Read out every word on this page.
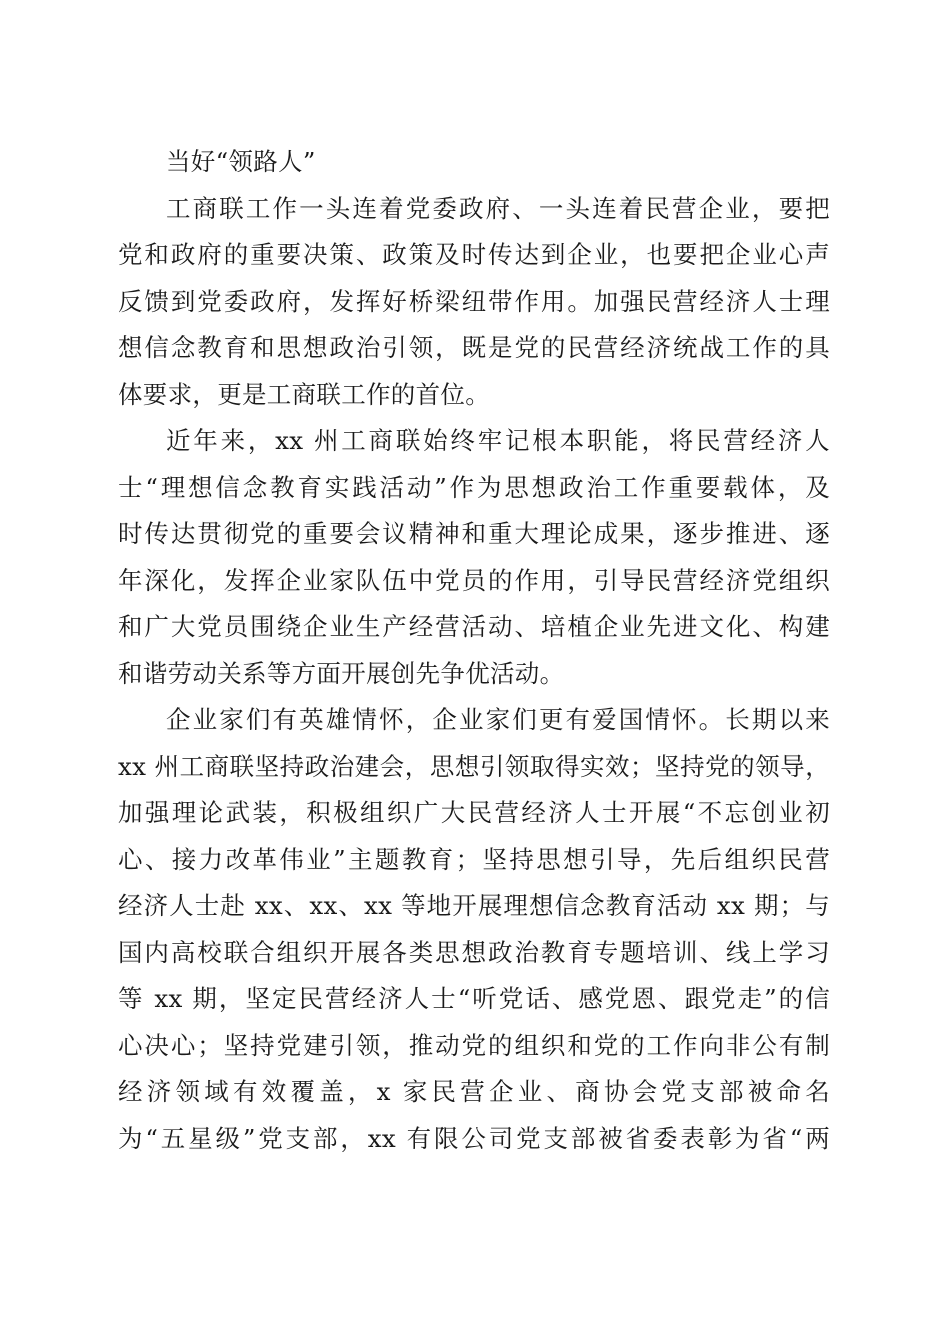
当好“领路人”
工商联工作一头连着党委政府、一头连着民营企业，要把
党和政府的重要决策、政策及时传达到企业，也要把企业心声
反馈到党委政府，发挥好桥梁纽带作用。加强民营经济人士理
想信念教育和思想政治引领，既是党的民营经济统战工作的具
体要求，更是工商联工作的首位。
近年来，xx 州工商联始终牢记根本职能，将民营经济人
士“理想信念教育实践活动”作为思想政治工作重要载体，及
时传达贯彻党的重要会议精神和重大理论成果，逐步推进、逐
年深化，发挥企业家队伍中党员的作用，引导民营经济党组织
和广大党员围绕企业生产经营活动、培植企业先进文化、构建
和谐劳动关系等方面开展创先争优活动。
企业家们有英雄情怀，企业家们更有爱国情怀。长期以来
xx 州工商联坚持政治建会，思想引领取得实效；坚持党的领导，
加强理论武装，积极组织广大民营经济人士开展“不忘创业初
心、接力改革伟业”主题教育；坚持思想引导，先后组织民营
经济人士赴 xx、xx、xx 等地开展理想信念教育活动 xx 期；与
国内高校联合组织开展各类思想政治教育专题培训、线上学习
等 xx 期，坚定民营经济人士“听党话、感党恩、跟党走”的信
心决心；坚持党建引领，推动党的组织和党的工作向非公有制
经济领域有效覆盖，x 家民营企业、商协会党支部被命名
为“五星级”党支部，xx 有限公司党支部被省委表彰为省“两
